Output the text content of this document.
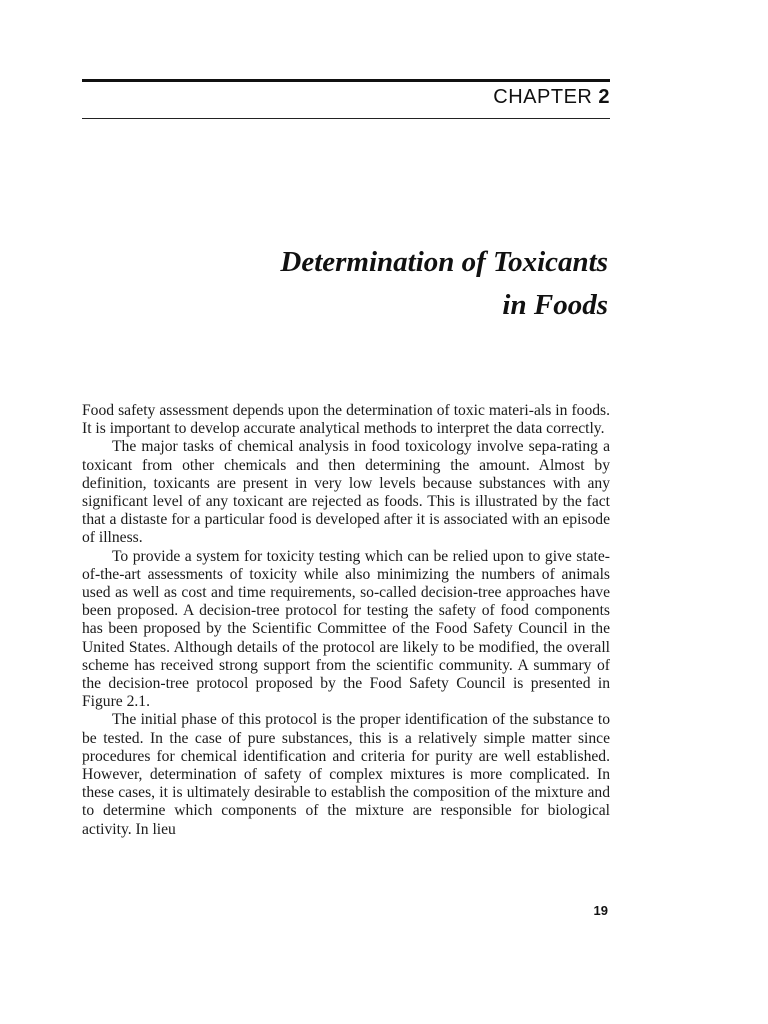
CHAPTER 2
Determination of Toxicants
in Foods

Food safety assessment depends upon the determination of toxic materi-als in foods. It is important to develop accurate analytical methods to interpret the data correctly.

The major tasks of chemical analysis in food toxicology involve sepa-rating a toxicant from other chemicals and then determining the amount. Almost by definition, toxicants are present in very low levels because substances with any significant level of any toxicant are rejected as foods. This is illustrated by the fact that a distaste for a particular food is developed after it is associated with an episode of illness.

To provide a system for toxicity testing which can be relied upon to give state-of-the-art assessments of toxicity while also minimizing the numbers of animals used as well as cost and time requirements, so-called decision-tree approaches have been proposed. A decision-tree protocol for testing the safety of food components has been proposed by the Scientific Committee of the Food Safety Council in the United States. Although details of the protocol are likely to be modified, the overall scheme has received strong support from the scientific community. A summary of the decision-tree protocol proposed by the Food Safety Council is presented in Figure 2.1.

The initial phase of this protocol is the proper identification of the substance to be tested. In the case of pure substances, this is a relatively simple matter since procedures for chemical identification and criteria for purity are well established. However, determination of safety of complex mixtures is more complicated. In these cases, it is ultimately desirable to establish the composition of the mixture and to determine which components of the mixture are responsible for biological activity. In lieu

19
